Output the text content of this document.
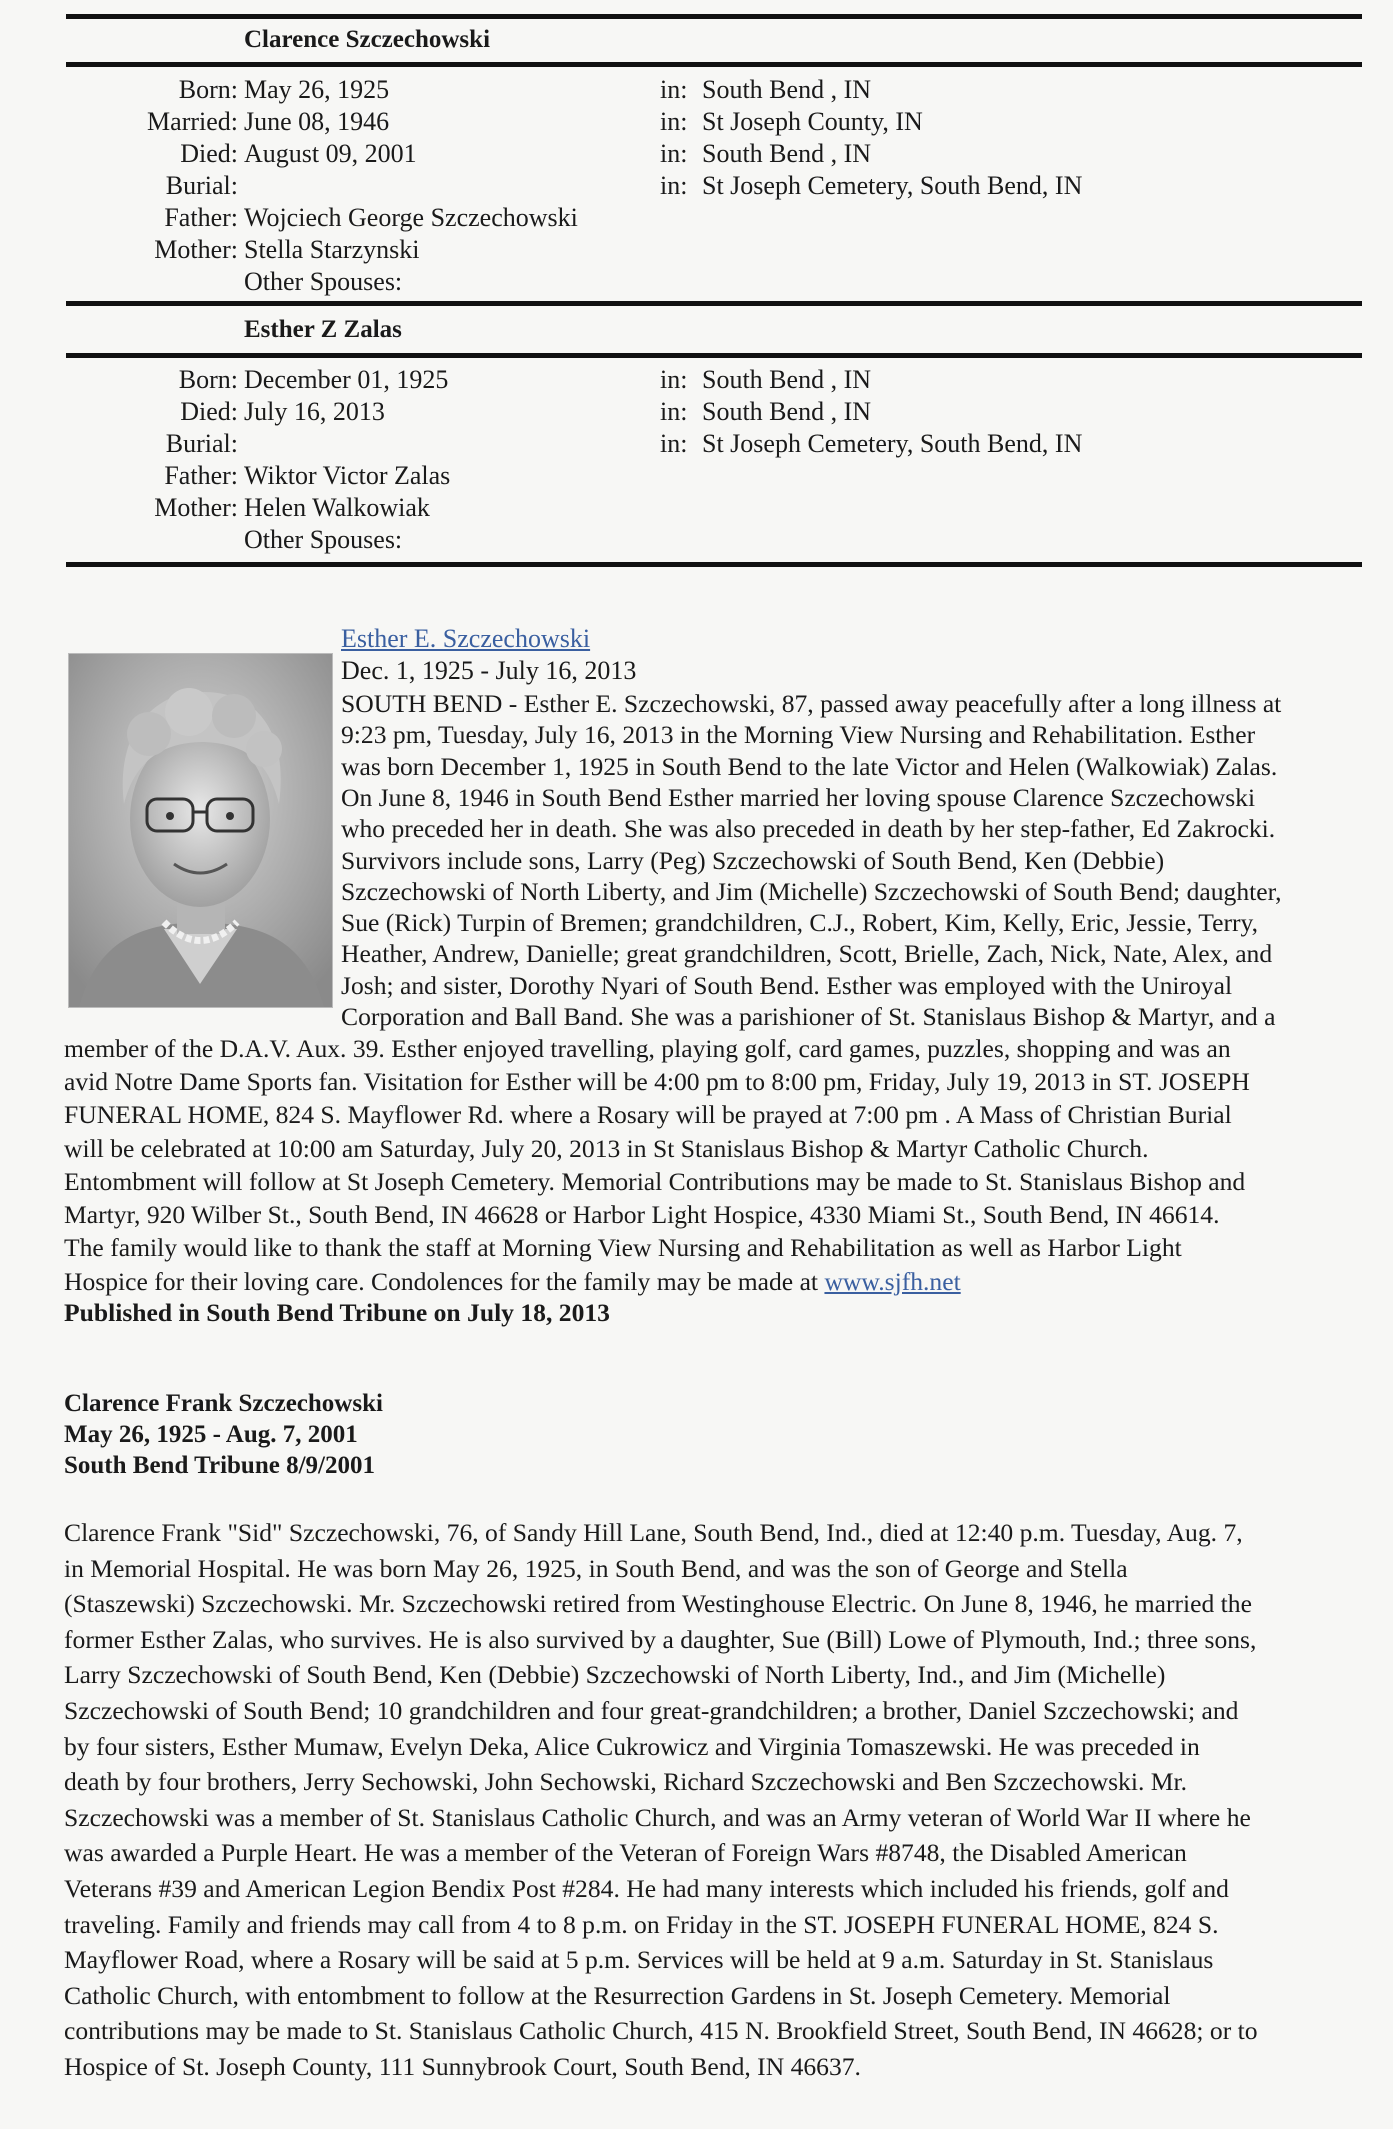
Clarence Szczechowski
Born: May 26, 1925	in: South Bend , IN
Married: June 08, 1946	in: St Joseph County, IN
Died: August 09, 2001	in: South Bend , IN
Burial:	in: St Joseph Cemetery, South Bend, IN
Father: Wojciech George Szczechowski
Mother: Stella Starzynski
Other Spouses:
Esther Z Zalas
Born: December 01, 1925	in: South Bend , IN
Died: July 16, 2013	in: South Bend , IN
Burial:	in: St Joseph Cemetery, South Bend, IN
Father: Wiktor Victor Zalas
Mother: Helen Walkowiak
Other Spouses:
Esther E. Szczechowski
Dec. 1, 1925 - July 16, 2013
SOUTH BEND - Esther E. Szczechowski, 87, passed away peacefully after a long illness at
9:23 pm, Tuesday, July 16, 2013 in the Morning View Nursing and Rehabilitation. Esther
was born December 1, 1925 in South Bend to the late Victor and Helen (Walkowiak) Zalas.
On June 8, 1946 in South Bend Esther married her loving spouse Clarence Szczechowski
who preceded her in death. She was also preceded in death by her step-father, Ed Zakrocki.
Survivors include sons, Larry (Peg) Szczechowski of South Bend, Ken (Debbie)
Szczechowski of North Liberty, and Jim (Michelle) Szczechowski of South Bend; daughter,
Sue (Rick) Turpin of Bremen; grandchildren, C.J., Robert, Kim, Kelly, Eric, Jessie, Terry,
Heather, Andrew, Danielle; great grandchildren, Scott, Brielle, Zach, Nick, Nate, Alex, and
Josh; and sister, Dorothy Nyari of South Bend. Esther was employed with the Uniroyal
Corporation and Ball Band. She was a parishioner of St. Stanislaus Bishop & Martyr, and a
member of the D.A.V. Aux. 39. Esther enjoyed travelling, playing golf, card games, puzzles, shopping and was an
avid Notre Dame Sports fan. Visitation for Esther will be 4:00 pm to 8:00 pm, Friday, July 19, 2013 in ST. JOSEPH
FUNERAL HOME, 824 S. Mayflower Rd. where a Rosary will be prayed at 7:00 pm . A Mass of Christian Burial
will be celebrated at 10:00 am Saturday, July 20, 2013 in St Stanislaus Bishop & Martyr Catholic Church.
Entombment will follow at St Joseph Cemetery. Memorial Contributions may be made to St. Stanislaus Bishop and
Martyr, 920 Wilber St., South Bend, IN 46628 or Harbor Light Hospice, 4330 Miami St., South Bend, IN 46614.
The family would like to thank the staff at Morning View Nursing and Rehabilitation as well as Harbor Light
Hospice for their loving care. Condolences for the family may be made at www.sjfh.net
Published in South Bend Tribune on July 18, 2013
Clarence Frank Szczechowski
May 26, 1925 - Aug. 7, 2001
South Bend Tribune 8/9/2001
Clarence Frank "Sid" Szczechowski, 76, of Sandy Hill Lane, South Bend, Ind., died at 12:40 p.m. Tuesday, Aug. 7,
in Memorial Hospital. He was born May 26, 1925, in South Bend, and was the son of George and Stella
(Staszewski) Szczechowski. Mr. Szczechowski retired from Westinghouse Electric. On June 8, 1946, he married the
former Esther Zalas, who survives. He is also survived by a daughter, Sue (Bill) Lowe of Plymouth, Ind.; three sons,
Larry Szczechowski of South Bend, Ken (Debbie) Szczechowski of North Liberty, Ind., and Jim (Michelle)
Szczechowski of South Bend; 10 grandchildren and four great-grandchildren; a brother, Daniel Szczechowski; and
by four sisters, Esther Mumaw, Evelyn Deka, Alice Cukrowicz and Virginia Tomaszewski. He was preceded in
death by four brothers, Jerry Sechowski, John Sechowski, Richard Szczechowski and Ben Szczechowski. Mr.
Szczechowski was a member of St. Stanislaus Catholic Church, and was an Army veteran of World War II where he
was awarded a Purple Heart. He was a member of the Veteran of Foreign Wars #8748, the Disabled American
Veterans #39 and American Legion Bendix Post #284. He had many interests which included his friends, golf and
traveling. Family and friends may call from 4 to 8 p.m. on Friday in the ST. JOSEPH FUNERAL HOME, 824 S.
Mayflower Road, where a Rosary will be said at 5 p.m. Services will be held at 9 a.m. Saturday in St. Stanislaus
Catholic Church, with entombment to follow at the Resurrection Gardens in St. Joseph Cemetery. Memorial
contributions may be made to St. Stanislaus Catholic Church, 415 N. Brookfield Street, South Bend, IN 46628; or to
Hospice of St. Joseph County, 111 Sunnybrook Court, South Bend, IN 46637.
